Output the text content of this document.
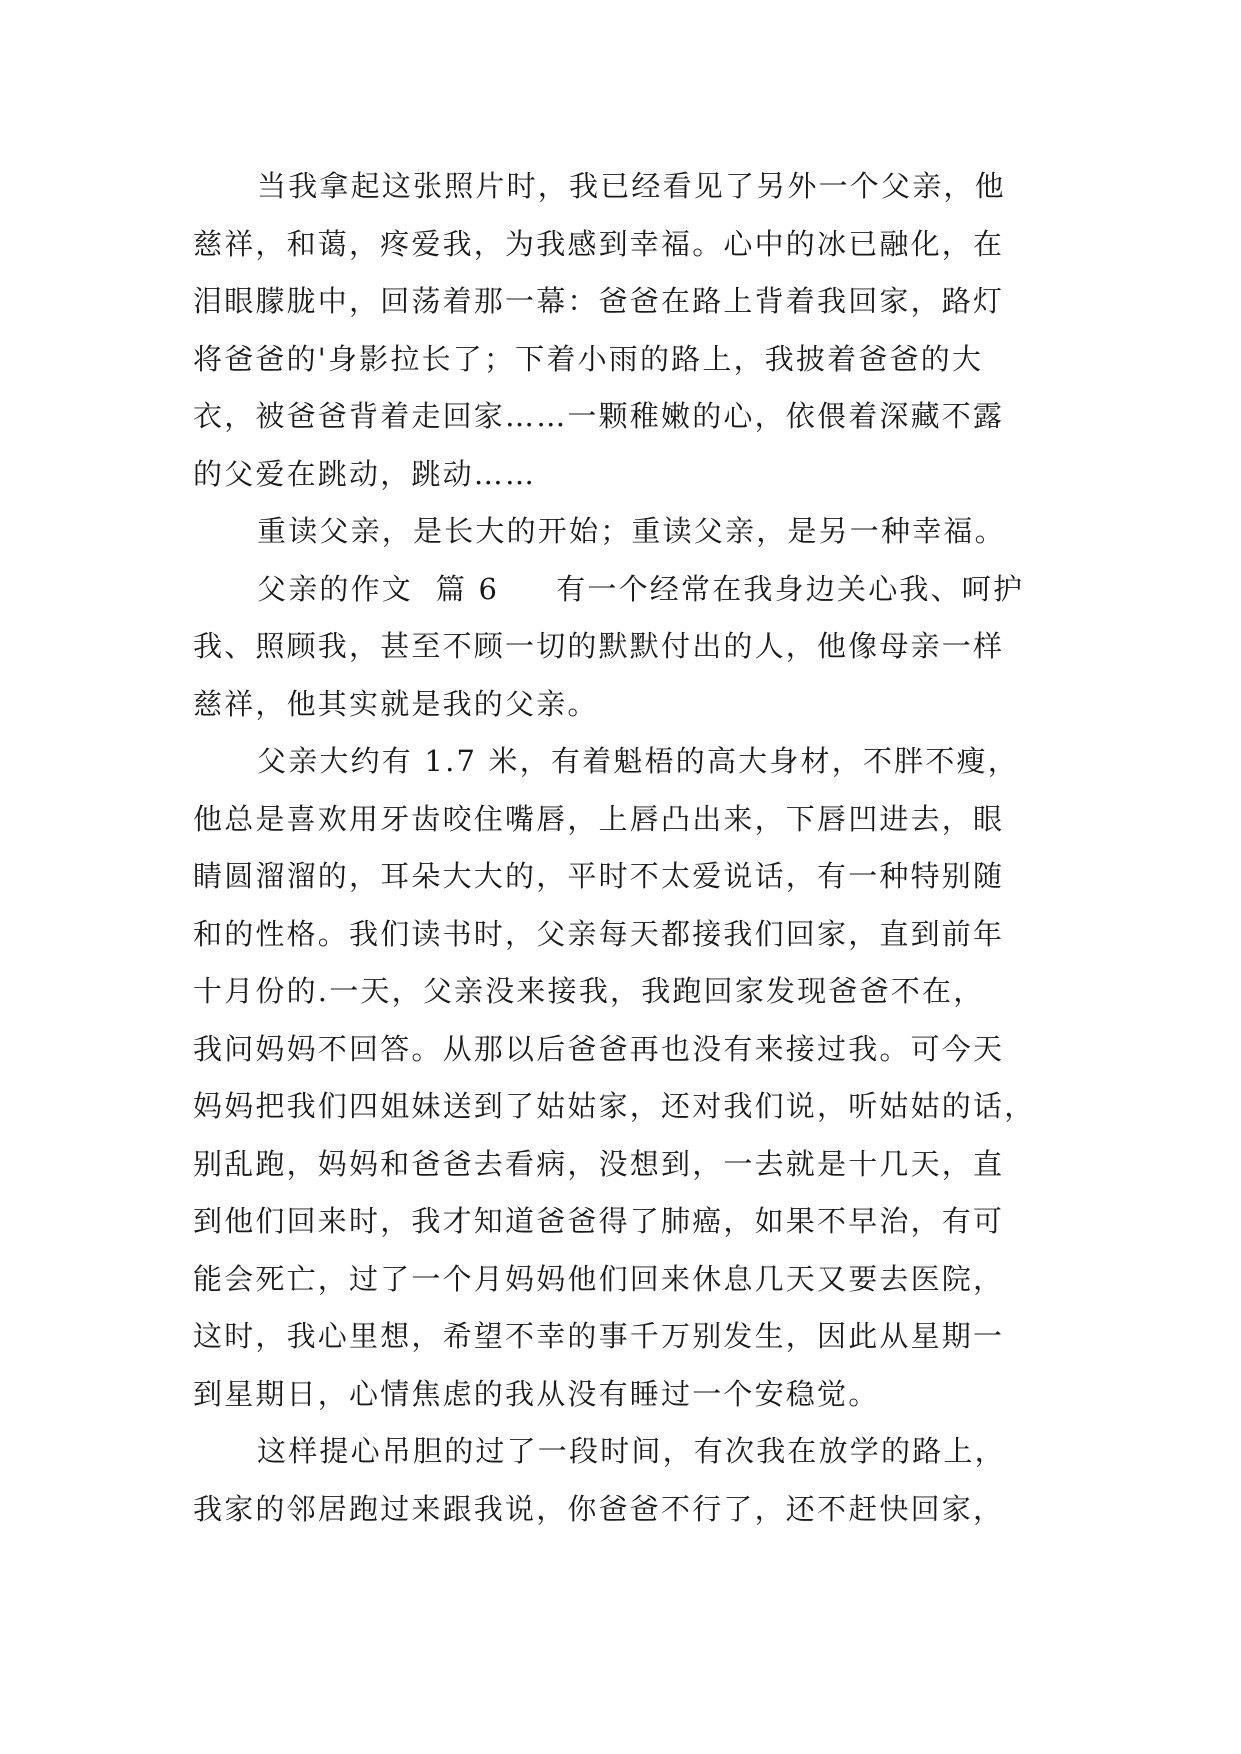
当我拿起这张照片时，我已经看见了另外一个父亲，他
慈祥，和蔼，疼爱我，为我感到幸福。心中的冰已融化，在
泪眼朦胧中，回荡着那一幕：爸爸在路上背着我回家，路灯
将爸爸的'身影拉长了；下着小雨的路上，我披着爸爸的大
衣，被爸爸背着走回家……一颗稚嫩的心，依偎着深藏不露
的父爱在跳动，跳动……
重读父亲，是长大的开始；重读父亲，是另一种幸福。
父亲的作文  篇 6     有一个经常在我身边关心我、呵护
我、照顾我，甚至不顾一切的默默付出的人，他像母亲一样
慈祥，他其实就是我的父亲。
父亲大约有 1.7 米，有着魁梧的高大身材，不胖不瘦，
他总是喜欢用牙齿咬住嘴唇，上唇凸出来，下唇凹进去，眼
睛圆溜溜的，耳朵大大的，平时不太爱说话，有一种特别随
和的性格。我们读书时，父亲每天都接我们回家，直到前年
十月份的.一天，父亲没来接我，我跑回家发现爸爸不在，
我问妈妈不回答。从那以后爸爸再也没有来接过我。可今天
妈妈把我们四姐妹送到了姑姑家，还对我们说，听姑姑的话，
别乱跑，妈妈和爸爸去看病，没想到，一去就是十几天，直
到他们回来时，我才知道爸爸得了肺癌，如果不早治，有可
能会死亡，过了一个月妈妈他们回来休息几天又要去医院，
这时，我心里想，希望不幸的事千万别发生，因此从星期一
到星期日，心情焦虑的我从没有睡过一个安稳觉。
这样提心吊胆的过了一段时间，有次我在放学的路上，
我家的邻居跑过来跟我说，你爸爸不行了，还不赶快回家，
